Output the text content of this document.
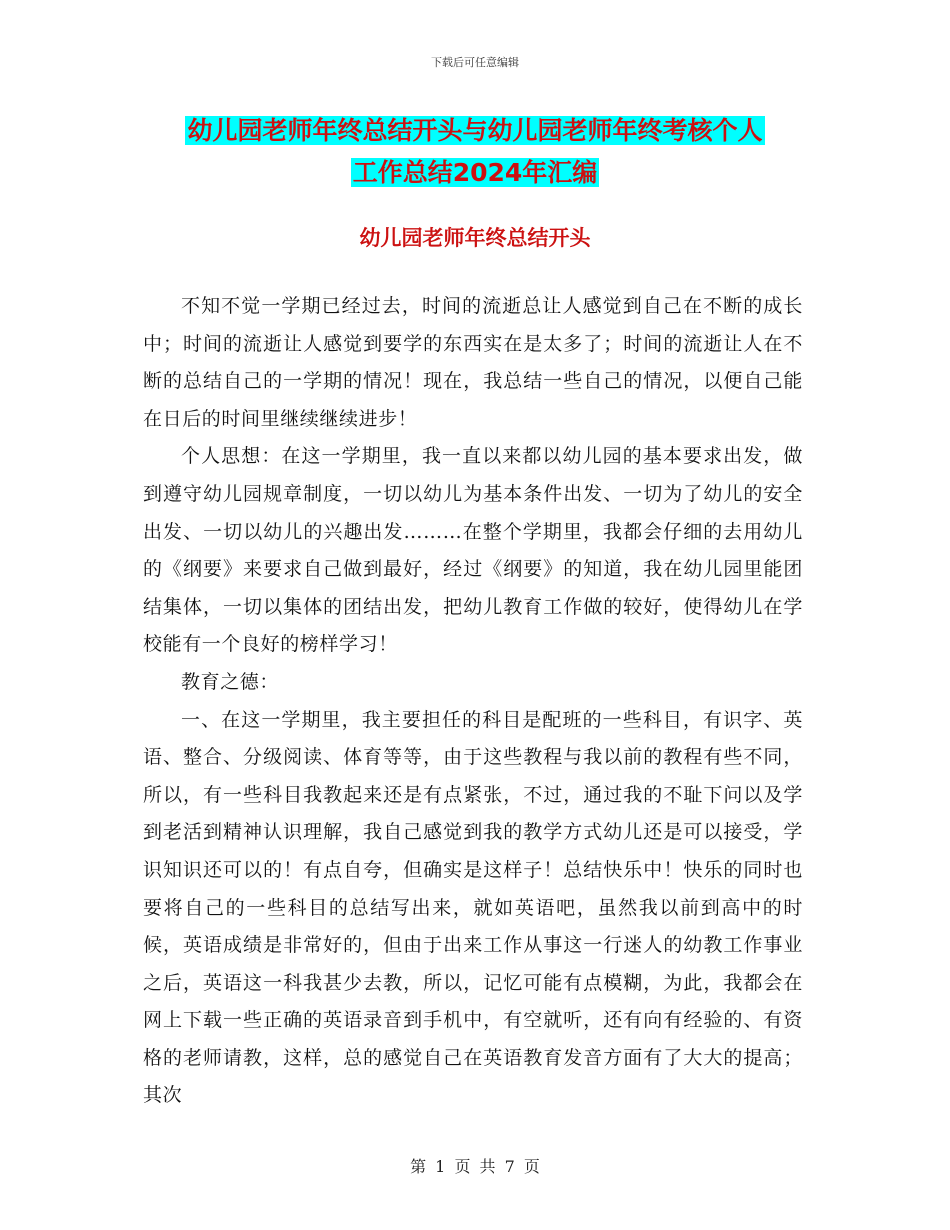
下载后可任意编辑
幼儿园老师年终总结开头与幼儿园老师年终考核个人
工作总结2024年汇编
幼儿园老师年终总结开头

不知不觉一学期已经过去，时间的流逝总让人感觉到自己在不断的成长中；时间的流逝让人感觉到要学的东西实在是太多了；时间的流逝让人在不断的总结自己的一学期的情况！现在，我总结一些自己的情况，以便自己能在日后的时间里继续继续进步！

个人思想：在这一学期里，我一直以来都以幼儿园的基本要求出发，做到遵守幼儿园规章制度，一切以幼儿为基本条件出发、一切为了幼儿的安全出发、一切以幼儿的兴趣出发………在整个学期里，我都会仔细的去用幼儿的《纲要》来要求自己做到最好，经过《纲要》的知道，我在幼儿园里能团结集体，一切以集体的团结出发，把幼儿教育工作做的较好，使得幼儿在学校能有一个良好的榜样学习！

教育之德：

一、在这一学期里，我主要担任的科目是配班的一些科目，有识字、英语、整合、分级阅读、体育等等，由于这些教程与我以前的教程有些不同，所以，有一些科目我教起来还是有点紧张，不过，通过我的不耻下问以及学到老活到精神认识理解，我自己感觉到我的教学方式幼儿还是可以接受，学识知识还可以的！有点自夸，但确实是这样子！总结快乐中！快乐的同时也要将自己的一些科目的总结写出来，就如英语吧，虽然我以前到高中的时候，英语成绩是非常好的，但由于出来工作从事这一行迷人的幼教工作事业之后，英语这一科我甚少去教，所以，记忆可能有点模糊，为此，我都会在网上下载一些正确的英语录音到手机中，有空就听，还有向有经验的、有资格的老师请教，这样，总的感觉自己在英语教育发音方面有了大大的提高；其次

第 1 页 共 7 页
